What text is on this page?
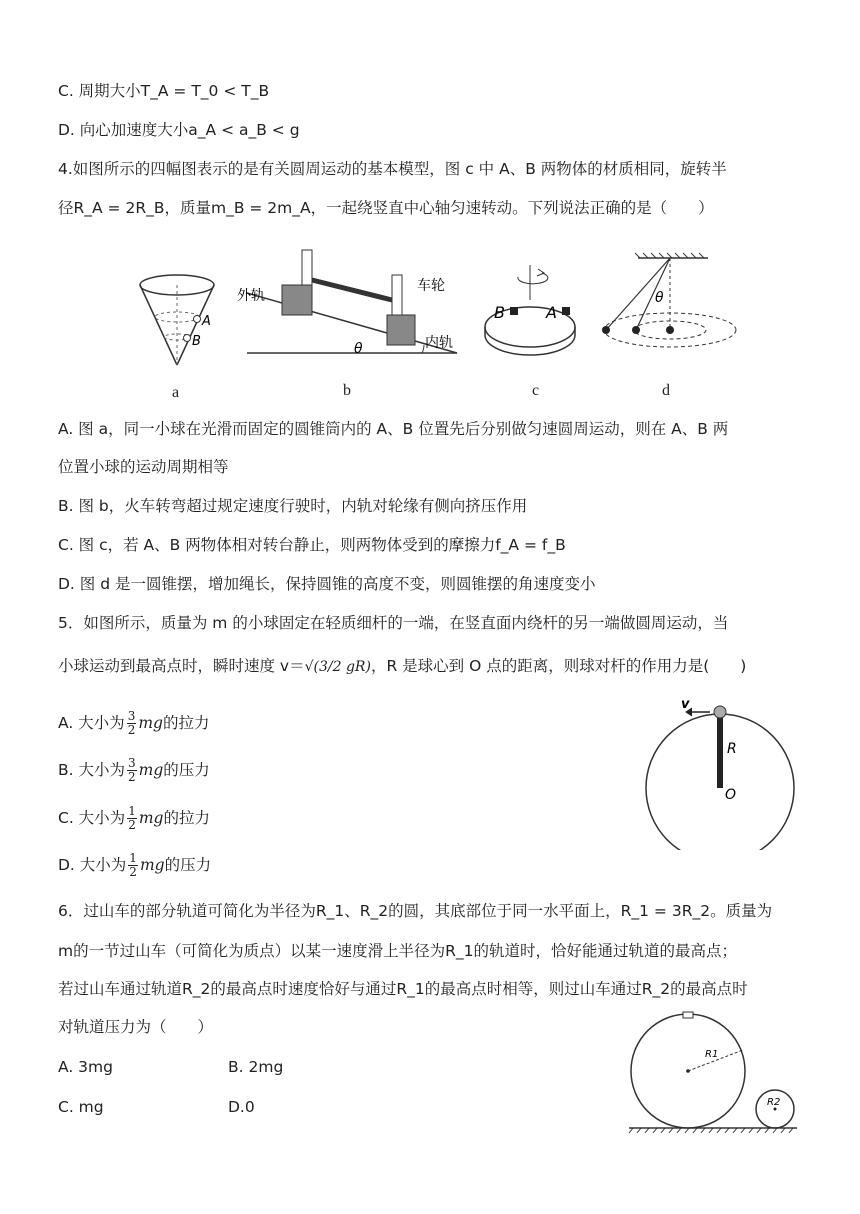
C. 周期大小T_A = T_0 < T_B
D. 向心加速度大小a_A < a_B < g
4.如图所示的四幅图表示的是有关圆周运动的基本模型，图 c 中 A、B 两物体的材质相同，旋转半
径R_A = 2R_B，质量m_B = 2m_A，一起绕竖直中心轴匀速转动。下列说法正确的是（　　）
A
B
a
外轨
车轮
内轨
θ
b
B	A
c
θ
d
A. 图 a，同一小球在光滑而固定的圆锥筒内的 A、B 位置先后分别做匀速圆周运动，则在 A、B 两
位置小球的运动周期相等
B. 图 b，火车转弯超过规定速度行驶时，内轨对轮缘有侧向挤压作用
C. 图 c，若 A、B 两物体相对转台静止，则两物体受到的摩擦力f_A = f_B
D. 图 d 是一圆锥摆，增加绳长，保持圆锥的高度不变，则圆锥摆的角速度变小
5．如图所示，质量为 m 的小球固定在轻质细杆的一端，在竖直面内绕杆的另一端做圆周运动，当
小球运动到最高点时，瞬时速度 v＝√(3/2 gR)，R 是球心到 O 点的距离，则球对杆的作用力是(　　)
A. 大小为 $\frac{3}{2}$ mg的拉力
B. 大小为 $\frac{3}{2}$ mg的压力
C. 大小为 $\frac{1}{2}$ mg的拉力
D. 大小为 $\frac{1}{2}$ mg的压力
v
R
O
6．过山车的部分轨道可简化为半径为R_1、R_2的圆，其底部位于同一水平面上，R_1 = 3R_2。质量为
m的一节过山车（可简化为质点）以某一速度滑上半径为R_1的轨道时，恰好能通过轨道的最高点；
若过山车通过轨道R_2的最高点时速度恰好与通过R_1的最高点时相等，则过山车通过R_2的最高点时
对轨道压力为（　　）
A. 3mg	B. 2mg
C. mg	D.0
R1
R2
